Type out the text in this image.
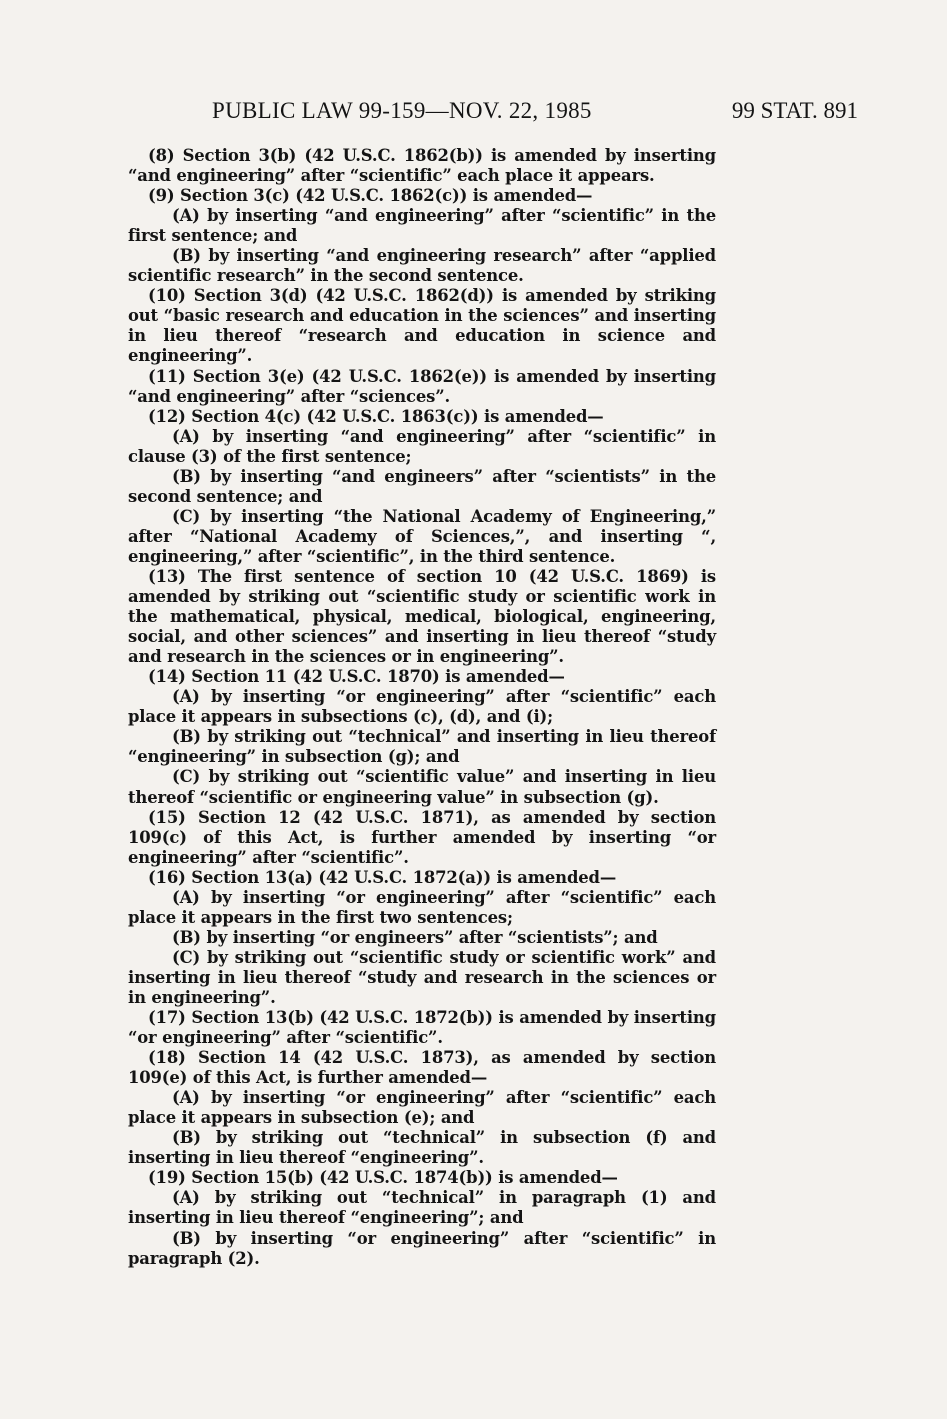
PUBLIC LAW 99-159—NOV. 22, 1985	99 STAT. 891

(8) Section 3(b) (42 U.S.C. 1862(b)) is amended by inserting “and engineering” after “scientific” each place it appears.

(9) Section 3(c) (42 U.S.C. 1862(c)) is amended—

(A) by inserting “and engineering” after “scientific” in the first sentence; and

(B) by inserting “and engineering research” after “applied scientific research” in the second sentence.

(10) Section 3(d) (42 U.S.C. 1862(d)) is amended by striking out “basic research and education in the sciences” and inserting in lieu thereof “research and education in science and engineering”.

(11) Section 3(e) (42 U.S.C. 1862(e)) is amended by inserting “and engineering” after “sciences”.

(12) Section 4(c) (42 U.S.C. 1863(c)) is amended—

(A) by inserting “and engineering” after “scientific” in clause (3) of the first sentence;

(B) by inserting “and engineers” after “scientists” in the second sentence; and

(C) by inserting “the National Academy of Engineering,” after “National Academy of Sciences,”, and inserting “, engineering,” after “scientific”, in the third sentence.

(13) The first sentence of section 10 (42 U.S.C. 1869) is amended by striking out “scientific study or scientific work in the mathematical, physical, medical, biological, engineering, social, and other sciences” and inserting in lieu thereof “study and research in the sciences or in engineering”.

(14) Section 11 (42 U.S.C. 1870) is amended—

(A) by inserting “or engineering” after “scientific” each place it appears in subsections (c), (d), and (i);

(B) by striking out “technical” and inserting in lieu thereof “engineering” in subsection (g); and

(C) by striking out “scientific value” and inserting in lieu thereof “scientific or engineering value” in subsection (g).

(15) Section 12 (42 U.S.C. 1871), as amended by section 109(c) of this Act, is further amended by inserting “or engineering” after “scientific”.

(16) Section 13(a) (42 U.S.C. 1872(a)) is amended—

(A) by inserting “or engineering” after “scientific” each place it appears in the first two sentences;

(B) by inserting “or engineers” after “scientists”; and

(C) by striking out “scientific study or scientific work” and inserting in lieu thereof “study and research in the sciences or in engineering”.

(17) Section 13(b) (42 U.S.C. 1872(b)) is amended by inserting “or engineering” after “scientific”.

(18) Section 14 (42 U.S.C. 1873), as amended by section 109(e) of this Act, is further amended—

(A) by inserting “or engineering” after “scientific” each place it appears in subsection (e); and

(B) by striking out “technical” in subsection (f) and inserting in lieu thereof “engineering”.

(19) Section 15(b) (42 U.S.C. 1874(b)) is amended—

(A) by striking out “technical” in paragraph (1) and inserting in lieu thereof “engineering”; and

(B) by inserting “or engineering” after “scientific” in paragraph (2).
